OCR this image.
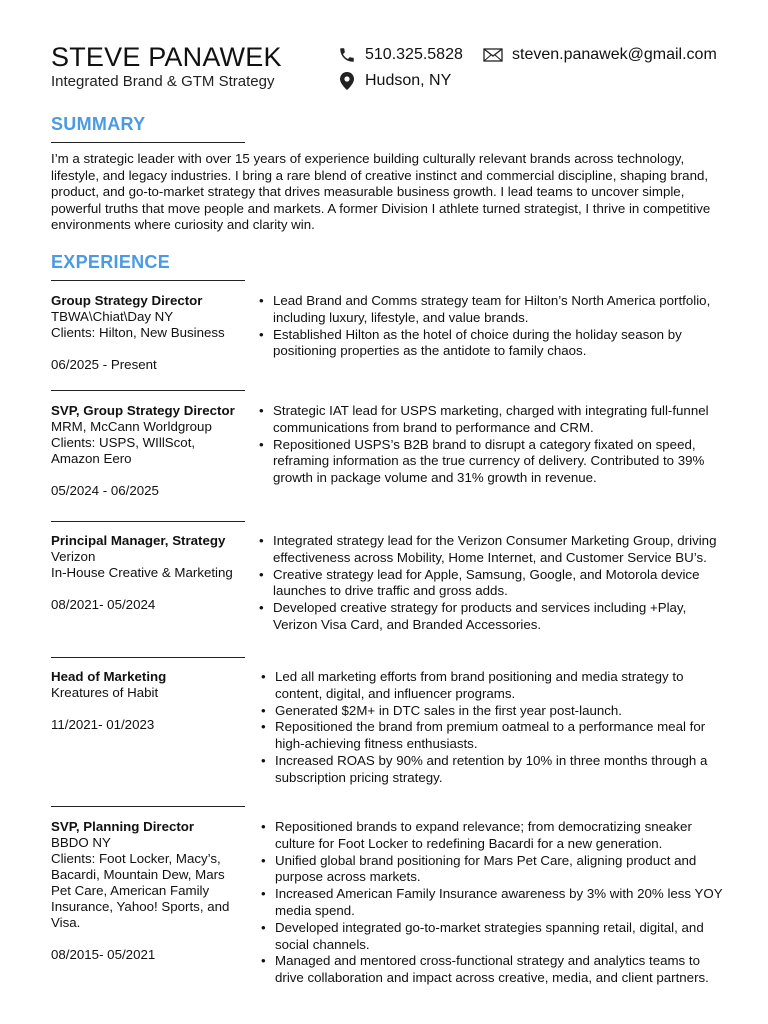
STEVE PANAWEK
Integrated Brand & GTM Strategy
510.325.5828	steven.panawek@gmail.com
Hudson, NY
SUMMARY
I’m a strategic leader with over 15 years of experience building culturally relevant brands across technology, lifestyle, and legacy industries. I bring a rare blend of creative instinct and commercial discipline, shaping brand, product, and go-to-market strategy that drives measurable business growth. I lead teams to uncover simple, powerful truths that move people and markets. A former Division I athlete turned strategist, I thrive in competitive environments where curiosity and clarity win.
EXPERIENCE
Group Strategy Director
TBWA\Chiat\Day NY
Clients: Hilton, New Business
06/2025 - Present
• Lead Brand and Comms strategy team for Hilton’s North America portfolio, including luxury, lifestyle, and value brands.
• Established Hilton as the hotel of choice during the holiday season by positioning properties as the antidote to family chaos.
SVP, Group Strategy Director
MRM, McCann Worldgroup
Clients: USPS, WIllScot, Amazon Eero
05/2024 - 06/2025
• Strategic IAT lead for USPS marketing, charged with integrating full-funnel communications from brand to performance and CRM.
• Repositioned USPS’s B2B brand to disrupt a category fixated on speed, reframing information as the true currency of delivery. Contributed to 39% growth in package volume and 31% growth in revenue.
Principal Manager, Strategy
Verizon
In-House Creative & Marketing
08/2021- 05/2024
• Integrated strategy lead for the Verizon Consumer Marketing Group, driving effectiveness across Mobility, Home Internet, and Customer Service BU’s.
• Creative strategy lead for Apple, Samsung, Google, and Motorola device launches to drive traffic and gross adds.
• Developed creative strategy for products and services including +Play, Verizon Visa Card, and Branded Accessories.
Head of Marketing
Kreatures of Habit
11/2021- 01/2023
• Led all marketing efforts from brand positioning and media strategy to content, digital, and influencer programs.
• Generated $2M+ in DTC sales in the first year post-launch.
• Repositioned the brand from premium oatmeal to a performance meal for high-achieving fitness enthusiasts.
• Increased ROAS by 90% and retention by 10% in three months through a subscription pricing strategy.
SVP, Planning Director
BBDO NY
Clients: Foot Locker, Macy’s, Bacardi, Mountain Dew, Mars Pet Care, American Family Insurance, Yahoo! Sports, and Visa.
08/2015- 05/2021
• Repositioned brands to expand relevance; from democratizing sneaker culture for Foot Locker to redefining Bacardi for a new generation.
• Unified global brand positioning for Mars Pet Care, aligning product and purpose across markets.
• Increased American Family Insurance awareness by 3% with 20% less YOY media spend.
• Developed integrated go-to-market strategies spanning retail, digital, and social channels.
• Managed and mentored cross-functional strategy and analytics teams to drive collaboration and impact across creative, media, and client partners.
